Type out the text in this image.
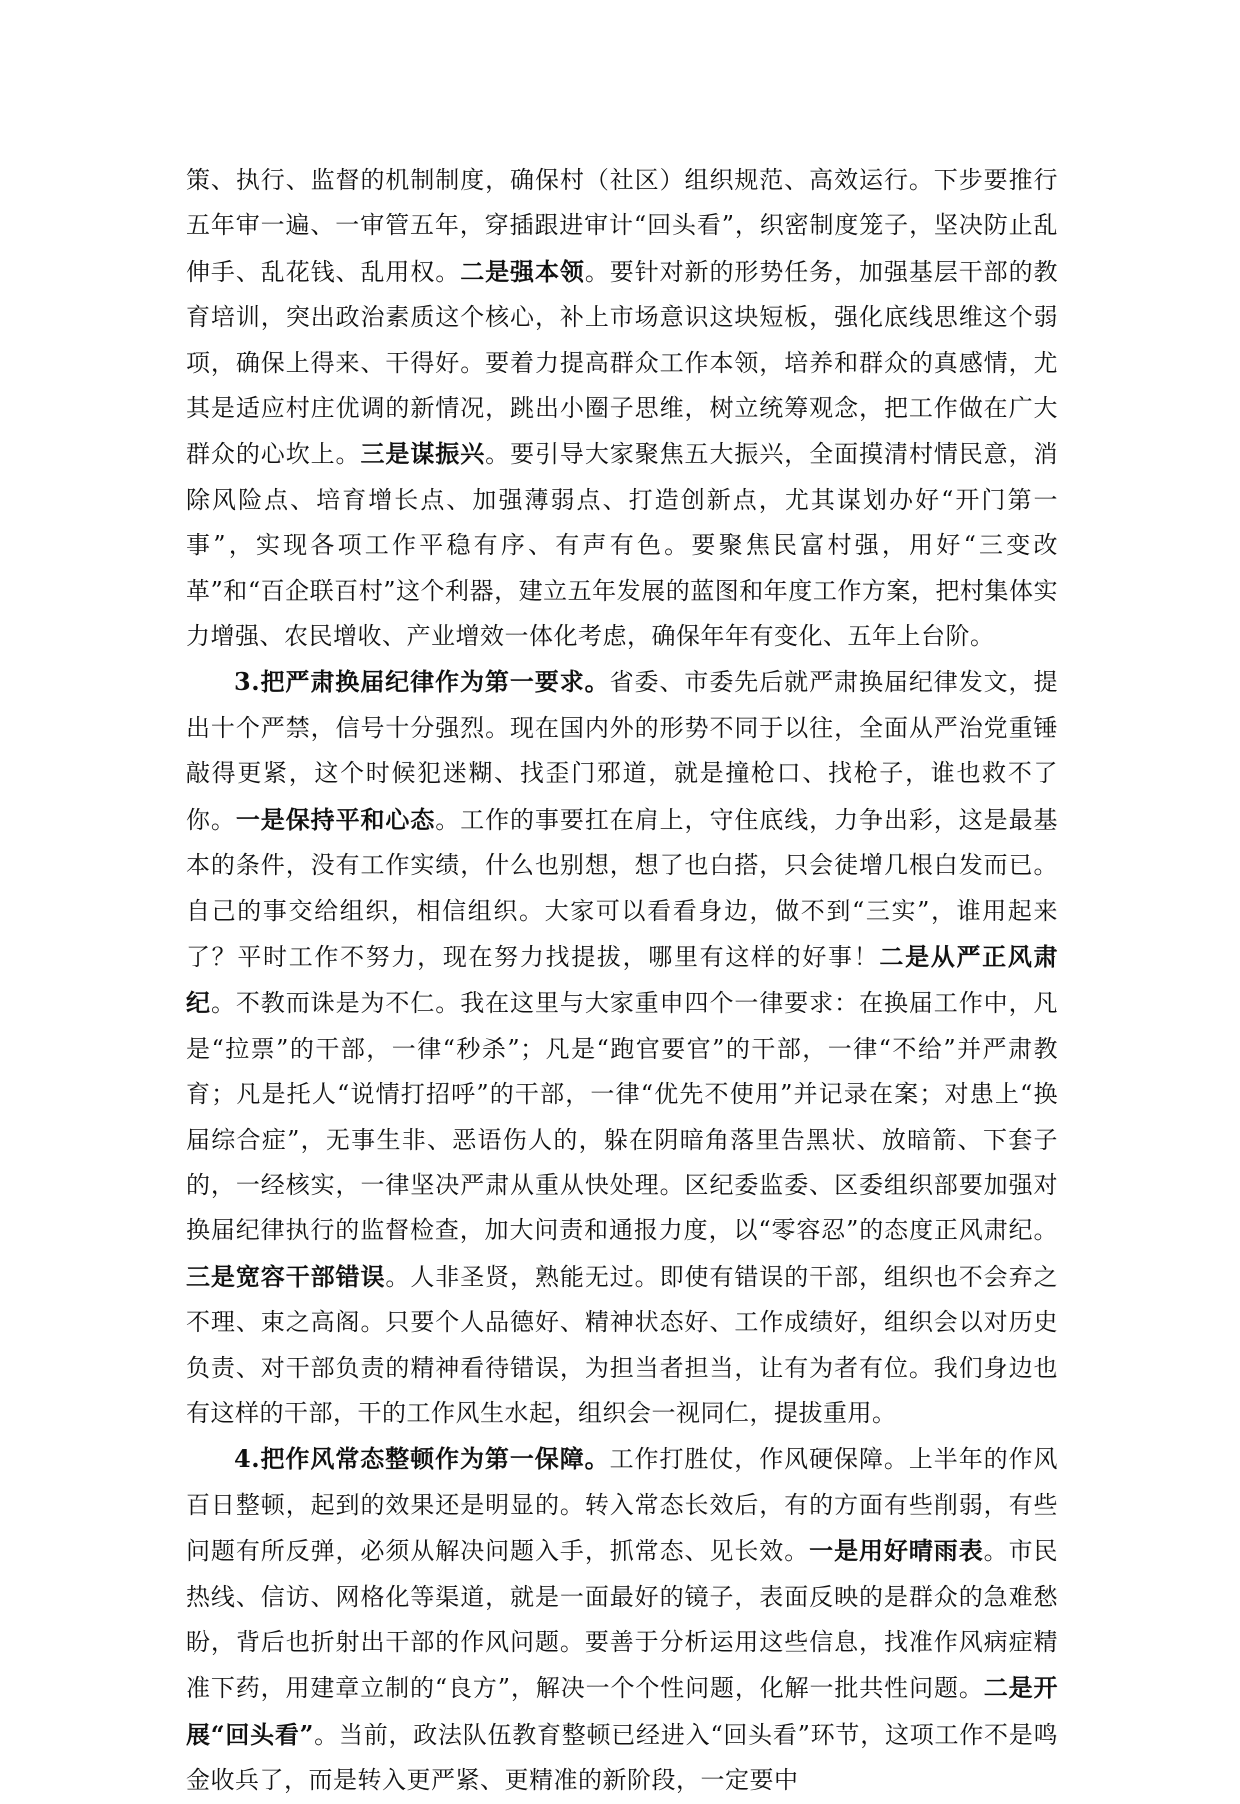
策、执行、监督的机制制度，确保村（社区）组织规范、高效运行。下步要推行五年审一遍、一审管五年，穿插跟进审计“回头看”，织密制度笼子，坚决防止乱伸手、乱花钱、乱用权。二是强本领。要针对新的形势任务，加强基层干部的教育培训，突出政治素质这个核心，补上市场意识这块短板，强化底线思维这个弱项，确保上得来、干得好。要着力提高群众工作本领，培养和群众的真感情，尤其是适应村庄优调的新情况，跳出小圈子思维，树立统筹观念，把工作做在广大群众的心坎上。三是谋振兴。要引导大家聚焦五大振兴，全面摸清村情民意，消除风险点、培育增长点、加强薄弱点、打造创新点，尤其谋划办好“开门第一事”，实现各项工作平稳有序、有声有色。要聚焦民富村强，用好“三变改革”和“百企联百村”这个利器，建立五年发展的蓝图和年度工作方案，把村集体实力增强、农民增收、产业增效一体化考虑，确保年年有变化、五年上台阶。

3.把严肃换届纪律作为第一要求。省委、市委先后就严肃换届纪律发文，提出十个严禁，信号十分强烈。现在国内外的形势不同于以往，全面从严治党重锤敲得更紧，这个时候犯迷糊、找歪门邪道，就是撞枪口、找枪子，谁也救不了你。一是保持平和心态。工作的事要扛在肩上，守住底线，力争出彩，这是最基本的条件，没有工作实绩，什么也别想，想了也白搭，只会徒增几根白发而已。自己的事交给组织，相信组织。大家可以看看身边，做不到“三实”，谁用起来了？平时工作不努力，现在努力找提拔，哪里有这样的好事！二是从严正风肃纪。不教而诛是为不仁。我在这里与大家重申四个一律要求：在换届工作中，凡是“拉票”的干部，一律“秒杀”；凡是“跑官要官”的干部，一律“不给”并严肃教育；凡是托人“说情打招呼”的干部，一律“优先不使用”并记录在案；对患上“换届综合症”，无事生非、恶语伤人的，躲在阴暗角落里告黑状、放暗箭、下套子的，一经核实，一律坚决严肃从重从快处理。区纪委监委、区委组织部要加强对换届纪律执行的监督检查，加大问责和通报力度，以“零容忍”的态度正风肃纪。三是宽容干部错误。人非圣贤，熟能无过。即使有错误的干部，组织也不会弃之不理、束之高阁。只要个人品德好、精神状态好、工作成绩好，组织会以对历史负责、对干部负责的精神看待错误，为担当者担当，让有为者有位。我们身边也有这样的干部，干的工作风生水起，组织会一视同仁，提拔重用。

4.把作风常态整顿作为第一保障。工作打胜仗，作风硬保障。上半年的作风百日整顿，起到的效果还是明显的。转入常态长效后，有的方面有些削弱，有些问题有所反弹，必须从解决问题入手，抓常态、见长效。一是用好晴雨表。市民热线、信访、网格化等渠道，就是一面最好的镜子，表面反映的是群众的急难愁盼，背后也折射出干部的作风问题。要善于分析运用这些信息，找准作风病症精准下药，用建章立制的“良方”，解决一个个性问题，化解一批共性问题。二是开展“回头看”。当前，政法队伍教育整顿已经进入“回头看”环节，这项工作不是鸣金收兵了，而是转入更严紧、更精准的新阶段，一定要中
